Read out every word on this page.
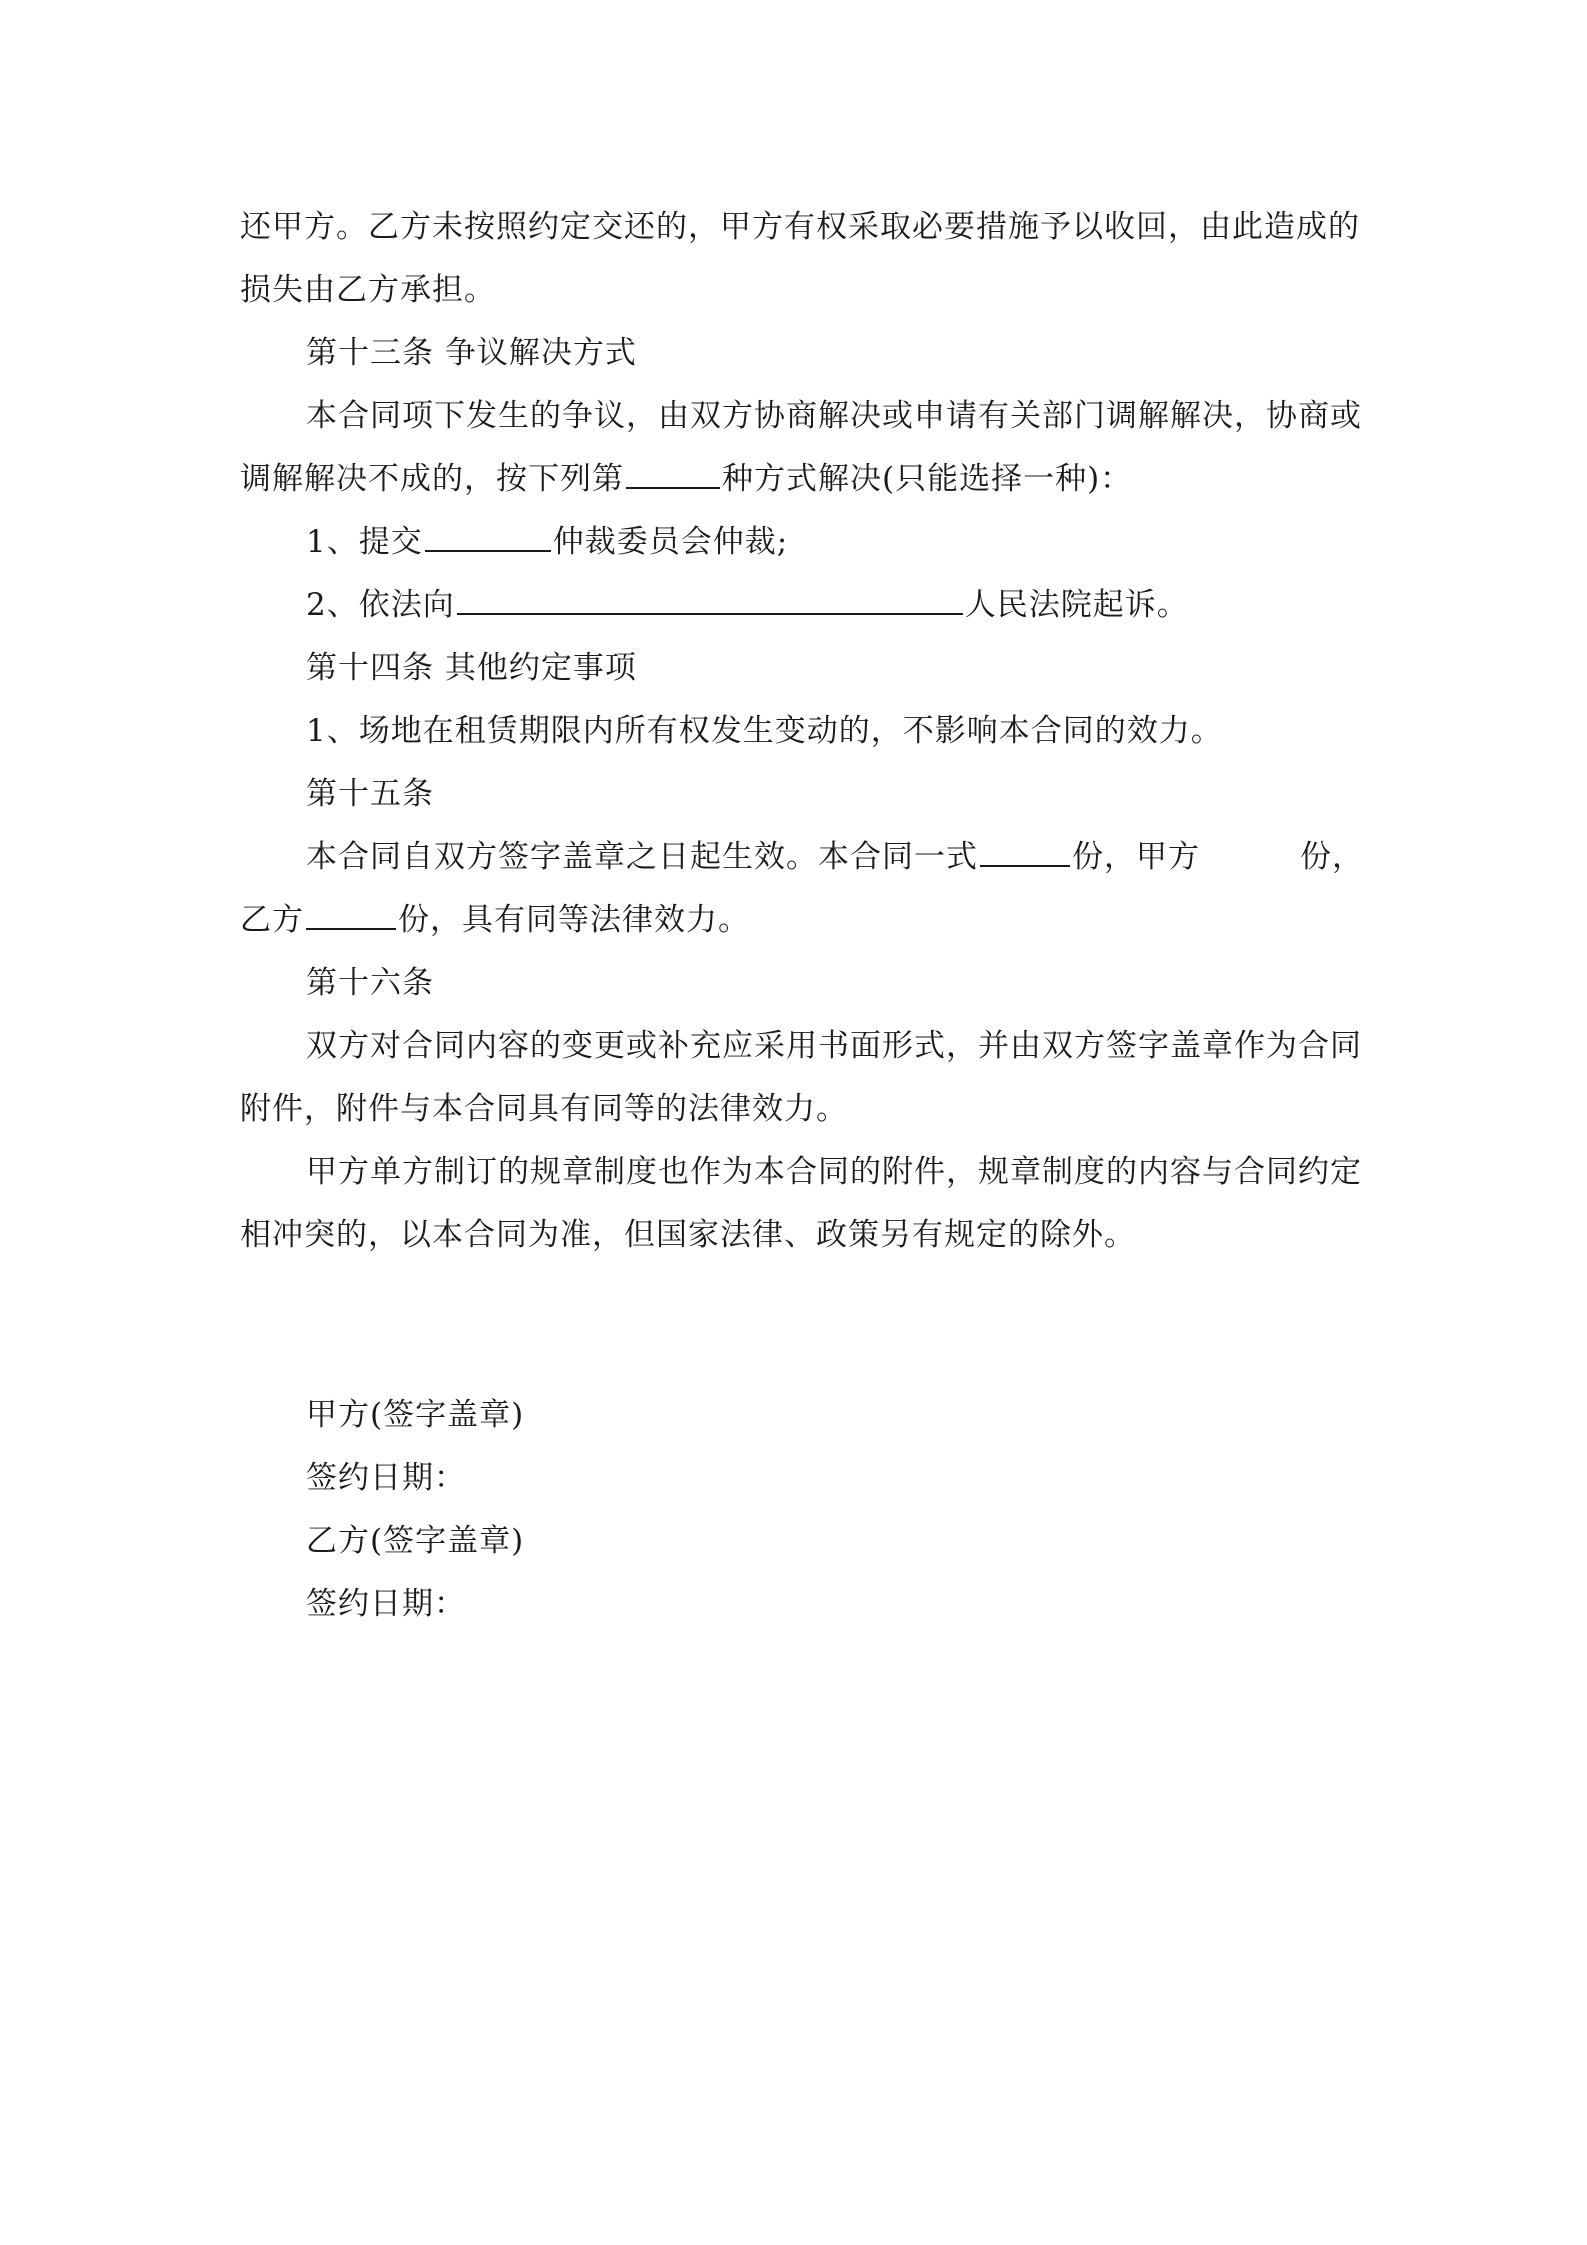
还甲方。乙方未按照约定交还的，甲方有权采取必要措施予以收回，由此造成的
损失由乙方承担。
第十三条 争议解决方式
本合同项下发生的争议，由双方协商解决或申请有关部门调解解决，协商或
调解解决不成的，按下列第	种方式解决(只能选择一种)：
1、提交	仲裁委员会仲裁;
2、依法向	人民法院起诉。
第十四条 其他约定事项
1、场地在租赁期限内所有权发生变动的，不影响本合同的效力。
第十五条
本合同自双方签字盖章之日起生效。本合同一式	份，甲方	份，
乙方	份，具有同等法律效力。
第十六条
双方对合同内容的变更或补充应采用书面形式，并由双方签字盖章作为合同
附件，附件与本合同具有同等的法律效力。
甲方单方制订的规章制度也作为本合同的附件，规章制度的内容与合同约定
相冲突的，以本合同为准，但国家法律、政策另有规定的除外。
甲方(签字盖章)
签约日期：
乙方(签字盖章)
签约日期：
